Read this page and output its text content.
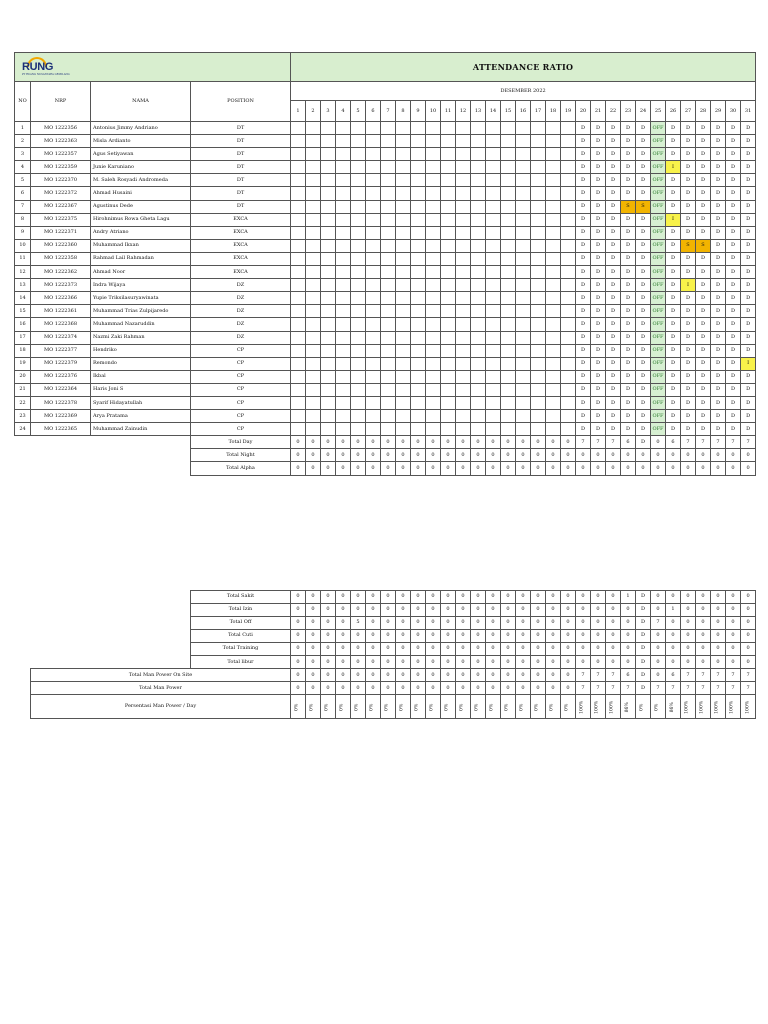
RUNG
PT RUANG NUSANTARA GEMILANG				ATTENDANCE RATIO																														
NO	NRP	NAMA	POSITION	DESEMBER 2022																														
				1	2	3	4	5	6	7	8	9	10	11	12	13	14	15	16	17	18	19	20	21	22	23	24	25	26	27	28	29	30	31
1	MO 1222356	Antonius Jimmy Andriano	DT																				D	D	D	D	D	OFF	D	D	D	D	D	D
2	MO 1222363	Misla Ardianto	DT																				D	D	D	D	D	OFF	D	D	D	D	D	D
3	MO 1222357	Agus Setiyawan	DT																				D	D	D	D	D	OFF	D	D	D	D	D	D
4	MO 1222359	Junie Karuniano	DT																				D	D	D	D	D	OFF	I	D	D	D	D	D
5	MO 1222370	M. Saleh Rosyadi Andromeda	DT																				D	D	D	D	D	OFF	D	D	D	D	D	D
6	MO 1222372	Ahmad Husaini	DT																				D	D	D	D	D	OFF	D	D	D	D	D	D
7	MO 1222367	Agustinus Dede	DT																				D	D	D	S	S	OFF	D	D	D	D	D	D
8	MO 1222375	Hirohnimus Rowa Gheta Lagu	EXCA																				D	D	D	D	D	OFF	I	D	D	D	D	D
9	MO 1222371	Andry Atriano	EXCA																				D	D	D	D	D	OFF	D	D	D	D	D	D
10	MO 1222360	Muhammad Ikxan	EXCA																				D	D	D	D	D	OFF	D	S	S	D	D	D
11	MO 1222358	Rahmad Lail Rahmadan	EXCA																				D	D	D	D	D	OFF	D	D	D	D	D	D
12	MO 1222362	Ahmad Noor	EXCA																				D	D	D	D	D	OFF	D	D	D	D	D	D
13	MO 1222373	Indra Wijaya	DZ																				D	D	D	D	D	OFF	D	I	D	D	D	D
14	MO 1222366	Yupie Triksilasuryawinata	DZ																				D	D	D	D	D	OFF	D	D	D	D	D	D
15	MO 1222361	Muhammad Trias Zulpijaredo	DZ																				D	D	D	D	D	OFF	D	D	D	D	D	D
16	MO 1222368	Muhammad Nazaruddin	DZ																				D	D	D	D	D	OFF	D	D	D	D	D	D
17	MO 1222374	Nazmi Zaki Rahman	DZ																				D	D	D	D	D	OFF	D	D	D	D	D	D
18	MO 1222377	Hendriko	CP																				D	D	D	D	D	OFF	D	D	D	D	D	D
19	MO 1222379	Remondo	CP																				D	D	D	D	D	OFF	D	D	D	D	D	I
20	MO 1222376	Ikbal	CP																				D	D	D	D	D	OFF	D	D	D	D	D	D
21	MO 1222364	Haris Joni S	CP																				D	D	D	D	D	OFF	D	D	D	D	D	D
22	MO 1222378	Syarif Hidayatullah	CP																				D	D	D	D	D	OFF	D	D	D	D	D	D
23	MO 1222369	Arya Pratama	CP																				D	D	D	D	D	OFF	D	D	D	D	D	D
24	MO 1222365	Muhammad Zainudin	CP																				D	D	D	D	D	OFF	D	D	D	D	D	D
			Total Day	0	0	0	0	0	0	0	0	0	0	0	0	0	0	0	0	0	0	0	7	7	7	6	D	0	6	7	7	7	7	7
			Total Night	0	0	0	0	0	0	0	0	0	0	0	0	0	0	0	0	0	0	0	0	0	0	0	0	0	0	0	0	0	0	0
			Total Alpha	0	0	0	0	0	0	0	0	0	0	0	0	0	0	0	0	0	0	0	0	0	0	0	0	0	0	0	0	0	0	0

			Total Sakit	0	0	0	0	0	0	0	0	0	0	0	0	0	0	0	0	0	0	0	0	0	0	1	D	0	0	0	0	0	0	0
			Total Izin	0	0	0	0	0	0	0	0	0	0	0	0	0	0	0	0	0	0	0	0	0	0	0	D	0	1	0	0	0	0	0
			Total Off	0	0	0	0	5	0	0	0	0	0	0	0	0	0	0	0	0	0	0	0	0	0	0	D	7	0	0	0	0	0	0
			Total Cuti	0	0	0	0	0	0	0	0	0	0	0	0	0	0	0	0	0	0	0	0	0	0	0	D	0	0	0	0	0	0	0
			Total Training	0	0	0	0	0	0	0	0	0	0	0	0	0	0	0	0	0	0	0	0	0	0	0	D	0	0	0	0	0	0	0
			Total libur	0	0	0	0	0	0	0	0	0	0	0	0	0	0	0	0	0	0	0	0	0	0	0	D	0	0	0	0	0	0	0
	Total Man Power On Site			0	0	0	0	0	0	0	0	0	0	0	0	0	0	0	0	0	0	0	7	7	7	6	D	0	6	7	7	7	7	7
	Total Man Power			0	0	0	0	0	0	0	0	0	0	0	0	0	0	0	0	0	0	0	7	7	7	7	D	7	7	7	7	7	7	7
	Persentasi Man Power / Day			0%	0%	0%	0%	0%	0%	0%	0%	0%	0%	0%	0%	0%	0%	0%	0%	0%	0%	0%	100%	100%	100%	86%	0%	0%	86%	100%	100%	100%	100%	100%
